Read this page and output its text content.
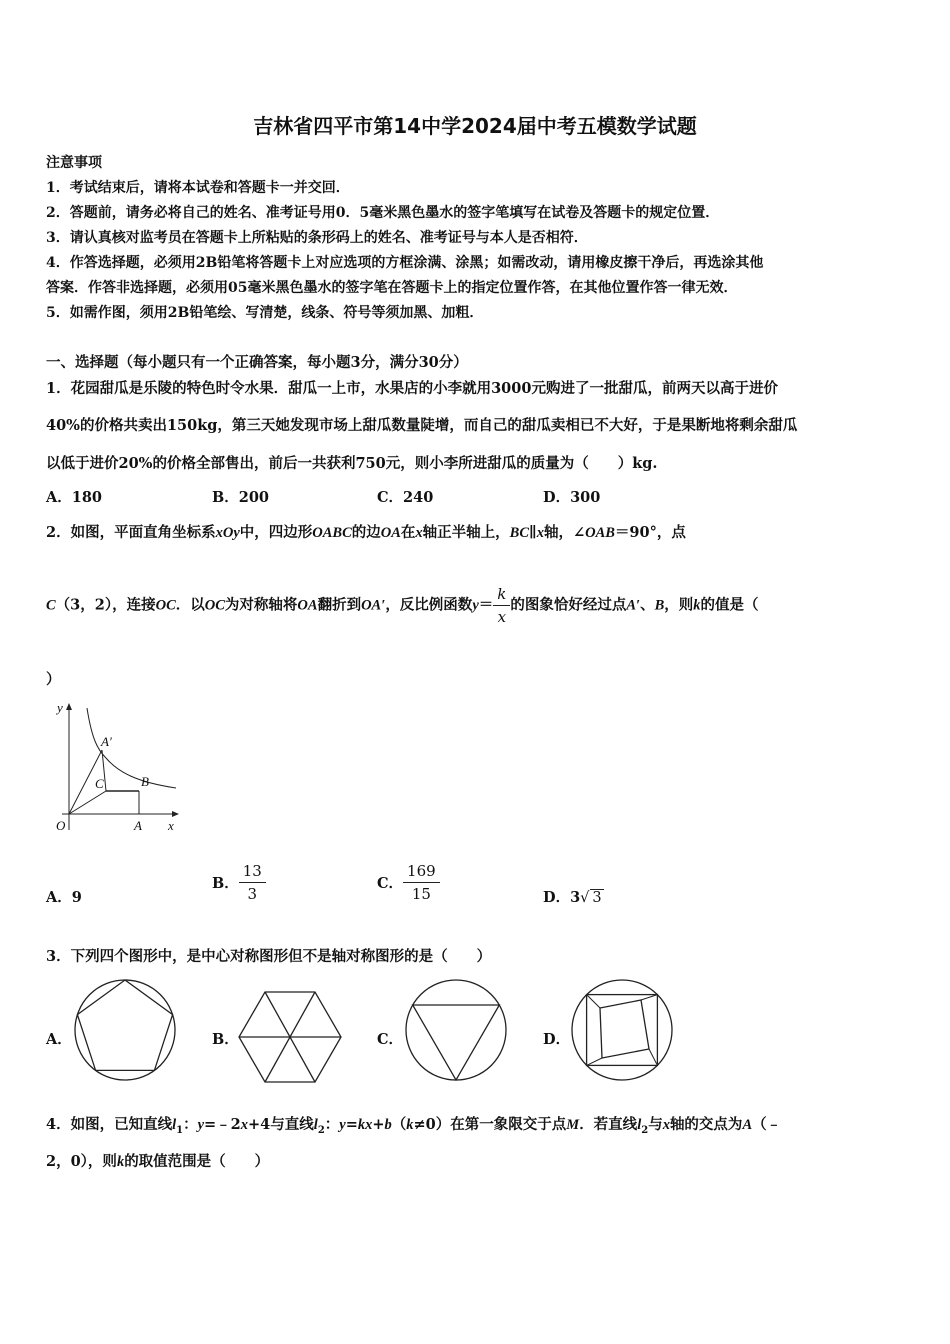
吉林省四平市第14中学2024届中考五模数学试题
注意事项
1．考试结束后，请将本试卷和答题卡一并交回．
2．答题前，请务必将自己的姓名、准考证号用0．5毫米黑色墨水的签字笔填写在试卷及答题卡的规定位置．
3．请认真核对监考员在答题卡上所粘贴的条形码上的姓名、准考证号与本人是否相符．
4．作答选择题，必须用2B铅笔将答题卡上对应选项的方框涂满、涂黑；如需改动，请用橡皮擦干净后，再选涂其他
答案．作答非选择题，必须用05毫米黑色墨水的签字笔在答题卡上的指定位置作答，在其他位置作答一律无效．
5．如需作图，须用2B铅笔绘、写清楚，线条、符号等须加黑、加粗．
一、选择题（每小题只有一个正确答案，每小题3分，满分30分）
1．花园甜瓜是乐陵的特色时令水果．甜瓜一上市，水果店的小李就用3000元购进了一批甜瓜，前两天以高于进价
40%的价格共卖出150kg，第三天她发现市场上甜瓜数量陡增，而自己的甜瓜卖相已不大好，于是果断地将剩余甜瓜
以低于进价20%的价格全部售出，前后一共获利750元，则小李所进甜瓜的质量为（　　）kg.
A．180	B．200	C．240	D．300
2．如图，平面直角坐标系xOy中，四边形OABC的边OA在x轴正半轴上，BC∥x轴，∠OAB＝90°，点
C（3，2），连接OC．以OC为对称轴将OA翻折到OA′，反比例函数$y= \frac{k}{x}$ 的图象恰好经过点A′、B，则k的值是（
）
y
A′
C	B
O	A x
A．9
B． $\frac{13}{3}$	C． $\frac{169}{15}$	D．3√ 3
3．下列四个图形中，是中心对称图形但不是轴对称图形的是（　　）
A．	B．	C．	D．
4．如图，已知直线$l_1$：y=﹣2x+4与直线$l_2$：y=kx+b（k≠0）在第一象限交于点M．若直线$l_2$与x轴的交点为A（﹣
2，0），则k的取值范围是（　　）
